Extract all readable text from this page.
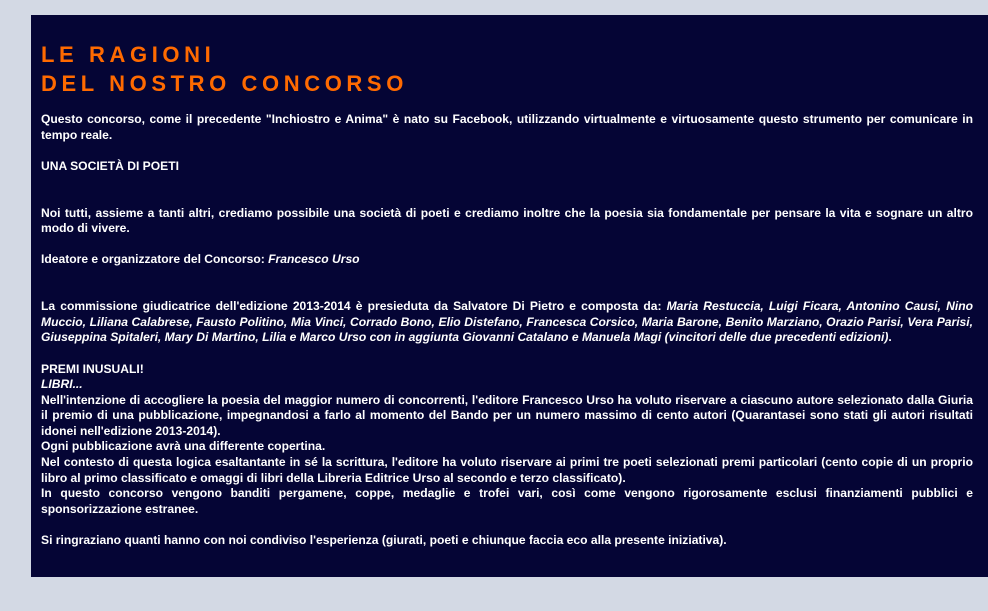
LE RAGIONI
DEL NOSTRO CONCORSO

Questo concorso, come il precedente "Inchiostro e Anima" è nato su Facebook, utilizzando virtualmente e virtuosamente questo strumento per comunicare in tempo reale.

UNA SOCIETÀ DI POETI

Noi tutti, assieme a tanti altri, crediamo possibile una società di poeti e crediamo inoltre che la poesia sia fondamentale per pensare la vita e sognare un altro modo di vivere.

Ideatore e organizzatore del Concorso: Francesco Urso

La commissione giudicatrice dell'edizione 2013-2014 è presieduta da Salvatore Di Pietro e composta da: Maria Restuccia, Luigi Ficara, Antonino Causi, Nino Muccio, Liliana Calabrese, Fausto Politino, Mia Vinci, Corrado Bono, Elio Distefano, Francesca Corsico, Maria Barone, Benito Marziano, Orazio Parisi, Vera Parisi, Giuseppina Spitaleri, Mary Di Martino, Lilia e Marco Urso con in aggiunta Giovanni Catalano e Manuela Magi (vincitori delle due precedenti edizioni).

PREMI INUSUALI!

LIBRI...

Nell'intenzione di accogliere la poesia del maggior numero di concorrenti, l'editore Francesco Urso ha voluto riservare a ciascuno autore selezionato dalla Giuria il premio di una pubblicazione, impegnandosi a farlo al momento del Bando per un numero massimo di cento autori (Quarantasei sono stati gli autori risultati idonei nell'edizione 2013-2014).

Ogni pubblicazione avrà una differente copertina.

Nel contesto di questa logica esaltantante in sé la scrittura, l'editore ha voluto riservare ai primi tre poeti selezionati premi particolari (cento copie di un proprio libro al primo classificato e omaggi di libri della Libreria Editrice Urso al secondo e terzo classificato).

In questo concorso vengono banditi pergamene, coppe, medaglie e trofei vari, così come vengono rigorosamente esclusi finanziamenti pubblici e sponsorizzazione estranee.

Si ringraziano quanti hanno con noi condiviso l'esperienza (giurati, poeti e chiunque faccia eco alla presente iniziativa).
